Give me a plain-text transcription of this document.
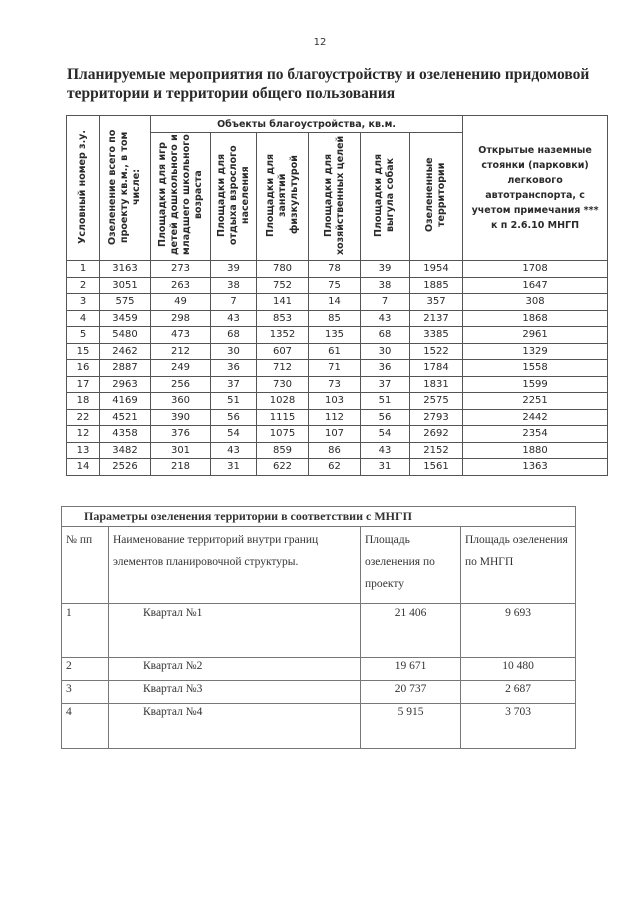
12
Планируемые мероприятия по благоустройству и озеленению придомовой территории и территории общего пользования
Условный номер з.у.	Озеленение всего по проекту кв.м., в том числе:	Объекты благоустройства, кв.м.						Открытые наземные стоянки (парковки) легкового автотранспорта, с учетом примечания *** к п 2.6.10 МНГП
		Площадки для игр детей дошкольного и младшего школьного возраста	Площадки для отдыха взрослого населения	Площадки для занятий физкультурой	Площадки для хозяйственных целей	Площадки для выгула собак	Озелененные территории	
1	3163	273	39	780	78	39	1954	1708
2	3051	263	38	752	75	38	1885	1647
3	575	49	7	141	14	7	357	308
4	3459	298	43	853	85	43	2137	1868
5	5480	473	68	1352	135	68	3385	2961
15	2462	212	30	607	61	30	1522	1329
16	2887	249	36	712	71	36	1784	1558
17	2963	256	37	730	73	37	1831	1599
18	4169	360	51	1028	103	51	2575	2251
22	4521	390	56	1115	112	56	2793	2442
12	4358	376	54	1075	107	54	2692	2354
13	3482	301	43	859	86	43	2152	1880
14	2526	218	31	622	62	31	1561	1363
Параметры озеленения территории в соответствии с МНГП			
№ пп	Наименование территорий внутри границ элементов планировочной структуры.	Площадь озеленения по проекту	Площадь озеленения по МНГП
1	Квартал №1	21 406	9 693
2	Квартал №2	19 671	10 480
3	Квартал №3	20 737	2 687
4	Квартал №4	5 915	3 703
